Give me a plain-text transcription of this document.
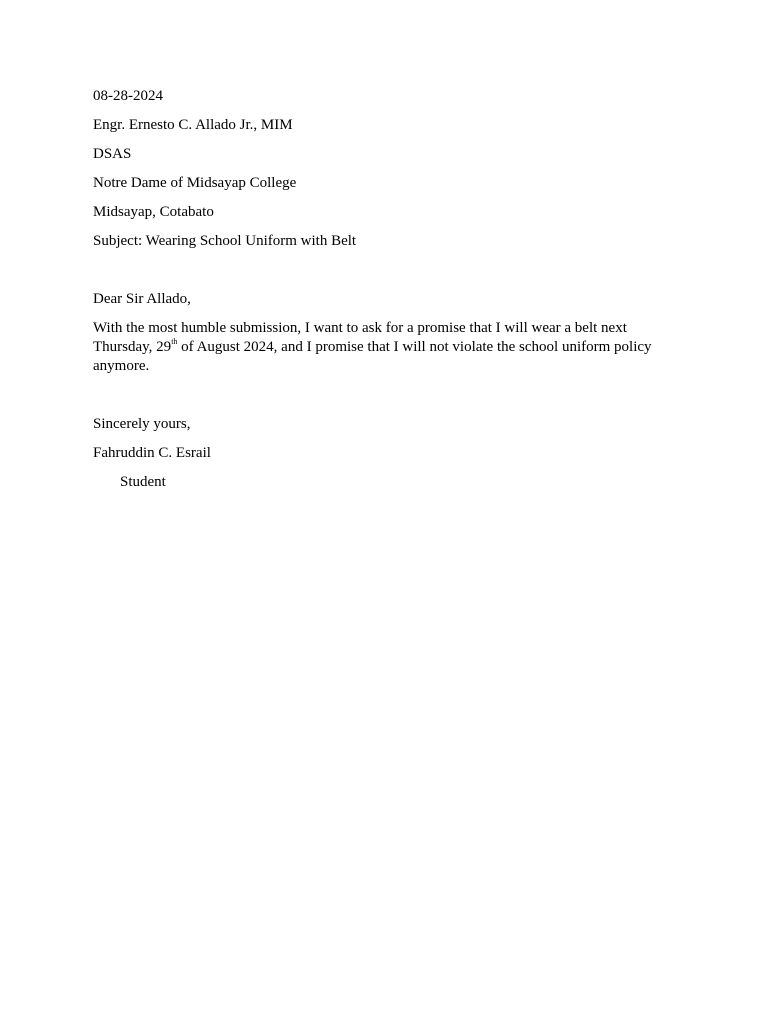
08-28-2024

Engr. Ernesto C. Allado Jr., MIM

DSAS

Notre Dame of Midsayap College

Midsayap, Cotabato

Subject: Wearing School Uniform with Belt

Dear Sir Allado,

With the most humble submission, I want to ask for a promise that I will wear a belt next Thursday, 29th of August 2024, and I promise that I will not violate the school uniform policy anymore.

Sincerely yours,

Fahruddin C. Esrail

Student
